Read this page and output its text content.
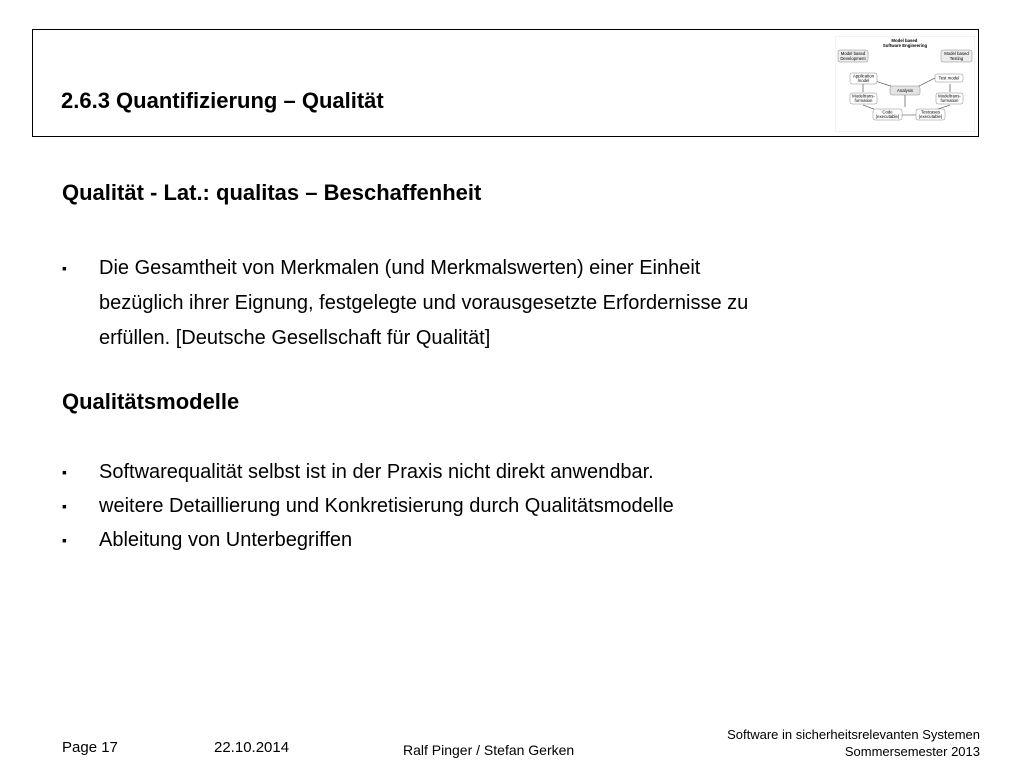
2.6.3 Quantifizierung – Qualität
Model based Software Engineering
Model based Development
Model based Testing
Application model	Test model
Analysis
Modeltrans-formation
Modeltrans-formation
Code (executable)
Testcases (executable)
Qualität - Lat.: qualitas – Beschaffenheit
▪	Die Gesamtheit von Merkmalen (und Merkmalswerten) einer Einheit
bezüglich ihrer Eignung, festgelegte und vorausgesetzte Erfordernisse zu
erfüllen. [Deutsche Gesellschaft für Qualität]
Qualitätsmodelle
▪	Softwarequalität selbst ist in der Praxis nicht direkt anwendbar.
▪	weitere Detaillierung und Konkretisierung durch Qualitätsmodelle
▪	Ableitung von Unterbegriffen
Page 17	22.10.2014	Ralf Pinger / Stefan Gerken
Software in sicherheitsrelevanten Systemen
Sommersemester 2013
